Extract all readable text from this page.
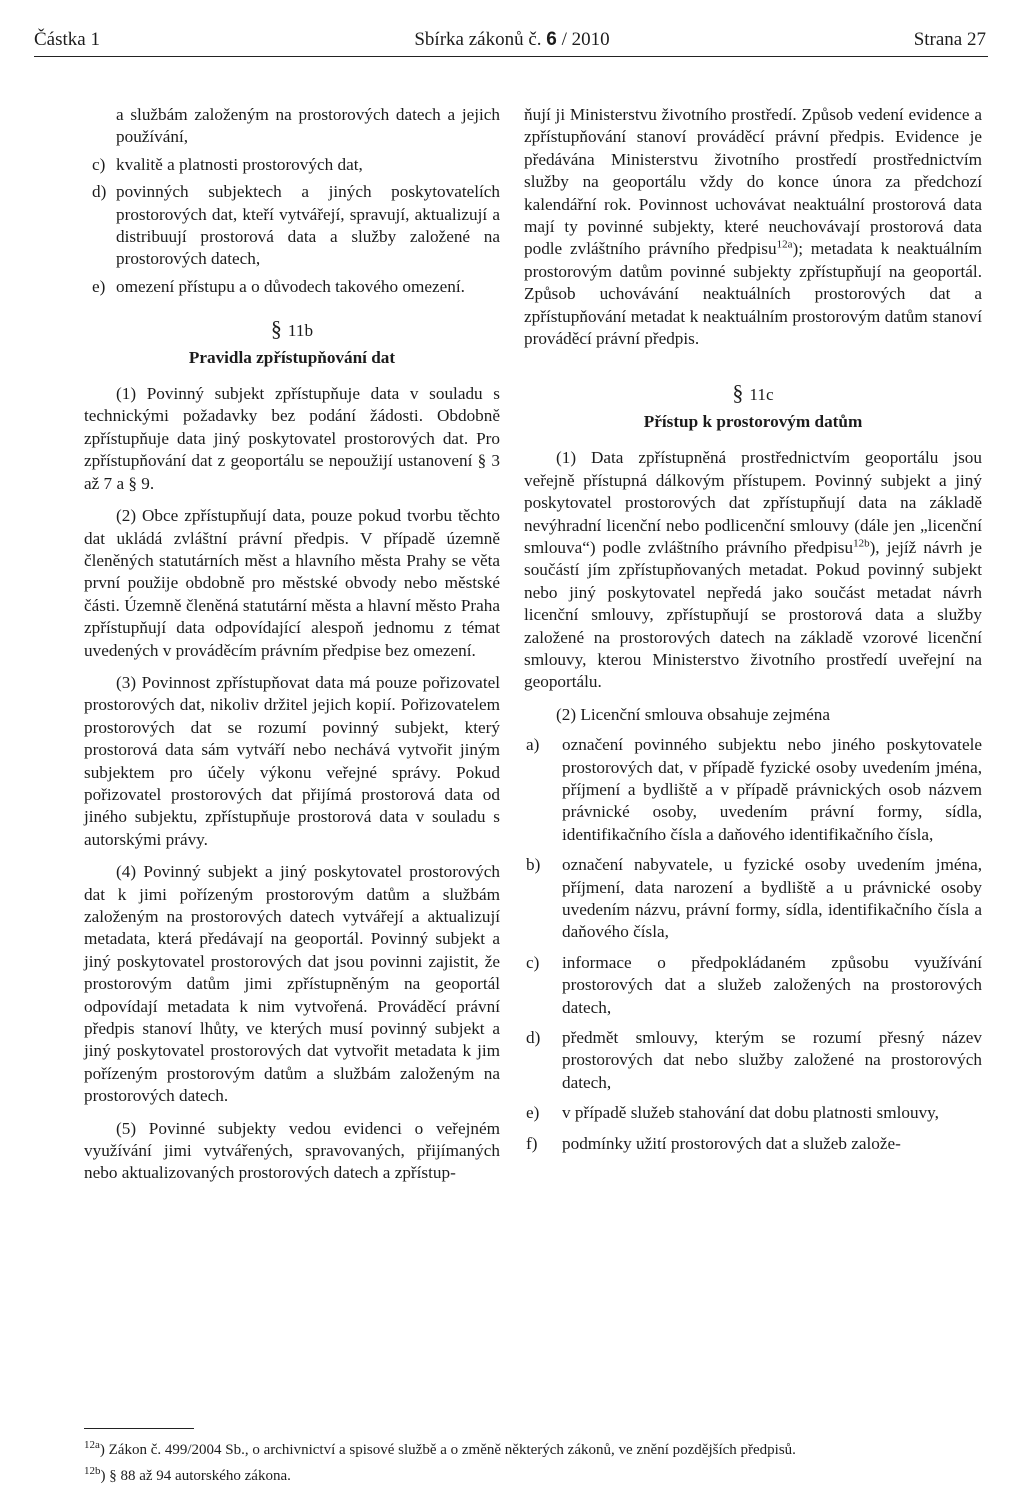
Částka 1	Sbírka zákonů č. 6 / 2010	Strana 27
a službám založeným na prostorových datech a jejich používání,
c) kvalitě a platnosti prostorových dat,
d) povinných subjektech a jiných poskytovatelích prostorových dat, kteří vytvářejí, spravují, aktualizují a distribuují prostorová data a služby založené na prostorových datech,
e) omezení přístupu a o důvodech takového omezení.
§ 11b
Pravidla zpřístupňování dat

(1) Povinný subjekt zpřístupňuje data v souladu s technickými požadavky bez podání žádosti. Obdobně zpřístupňuje data jiný poskytovatel prostorových dat. Pro zpřístupňování dat z geoportálu se nepoužijí ustanovení § 3 až 7 a § 9.

(2) Obce zpřístupňují data, pouze pokud tvorbu těchto dat ukládá zvláštní právní předpis. V případě územně členěných statutárních měst a hlavního města Prahy se věta první použije obdobně pro městské obvody nebo městské části. Územně členěná statutární města a hlavní město Praha zpřístupňují data odpovídající alespoň jednomu z témat uvedených v prováděcím právním předpise bez omezení.

(3) Povinnost zpřístupňovat data má pouze pořizovatel prostorových dat, nikoliv držitel jejich kopií. Pořizovatelem prostorových dat se rozumí povinný subjekt, který prostorová data sám vytváří nebo nechává vytvořit jiným subjektem pro účely výkonu veřejné správy. Pokud pořizovatel prostorových dat přijímá prostorová data od jiného subjektu, zpřístupňuje prostorová data v souladu s autorskými právy.

(4) Povinný subjekt a jiný poskytovatel prostorových dat k jimi pořízeným prostorovým datům a službám založeným na prostorových datech vytvářejí a aktualizují metadata, která předávají na geoportál. Povinný subjekt a jiný poskytovatel prostorových dat jsou povinni zajistit, že prostorovým datům jimi zpřístupněným na geoportál odpovídají metadata k nim vytvořená. Prováděcí právní předpis stanoví lhůty, ve kterých musí povinný subjekt a jiný poskytovatel prostorových dat vytvořit metadata k jim pořízeným prostorovým datům a službám založeným na prostorových datech.

(5) Povinné subjekty vedou evidenci o veřejném využívání jimi vytvářených, spravovaných, přijímaných nebo aktualizovaných prostorových datech a zpřístup-

ňují ji Ministerstvu životního prostředí. Způsob vedení evidence a zpřístupňování stanoví prováděcí právní předpis. Evidence je předávána Ministerstvu životního prostředí prostřednictvím služby na geoportálu vždy do konce února za předchozí kalendářní rok. Povinnost uchovávat neaktuální prostorová data mají ty povinné subjekty, které neuchovávají prostorová data podle zvláštního právního předpisu$^{12a}$); metadata k neaktuálním prostorovým datům povinné subjekty zpřístupňují na geoportál. Způsob uchovávání neaktuálních prostorových dat a zpřístupňování metadat k neaktuálním prostorovým datům stanoví prováděcí právní předpis.

§ 11c
Přístup k prostorovým datům

(1) Data zpřístupněná prostřednictvím geoportálu jsou veřejně přístupná dálkovým přístupem. Povinný subjekt a jiný poskytovatel prostorových dat zpřístupňují data na základě nevýhradní licenční nebo podlicenční smlouvy (dále jen „licenční smlouva“) podle zvláštního právního předpisu$^{12b}$), jejíž návrh je součástí jím zpřístupňovaných metadat. Pokud povinný subjekt nebo jiný poskytovatel nepředá jako součást metadat návrh licenční smlouvy, zpřístupňují se prostorová data a služby založené na prostorových datech na základě vzorové licenční smlouvy, kterou Ministerstvo životního prostředí uveřejní na geoportálu.

(2) Licenční smlouva obsahuje zejména

a)	označení povinného subjektu nebo jiného poskytovatele prostorových dat, v případě fyzické osoby uvedením jména, příjmení a bydliště a v případě právnických osob názvem právnické osoby, uvedením právní formy, sídla, identifikačního čísla a daňového identifikačního čísla,
b)	označení nabyvatele, u fyzické osoby uvedením jména, příjmení, data narození a bydliště a u právnické osoby uvedením názvu, právní formy, sídla, identifikačního čísla a daňového čísla,
c)	informace o předpokládaném způsobu využívání prostorových dat a služeb založených na prostorových datech,
d)	předmět smlouvy, kterým se rozumí přesný název prostorových dat nebo služby založené na prostorových datech,
e)	v případě služeb stahování dat dobu platnosti smlouvy,
f)	podmínky užití prostorových dat a služeb založe-
$^{12a}$) Zákon č. 499/2004 Sb., o archivnictví a spisové službě a o změně některých zákonů, ve znění pozdějších předpisů.
$^{12b}$) § 88 až 94 autorského zákona.
